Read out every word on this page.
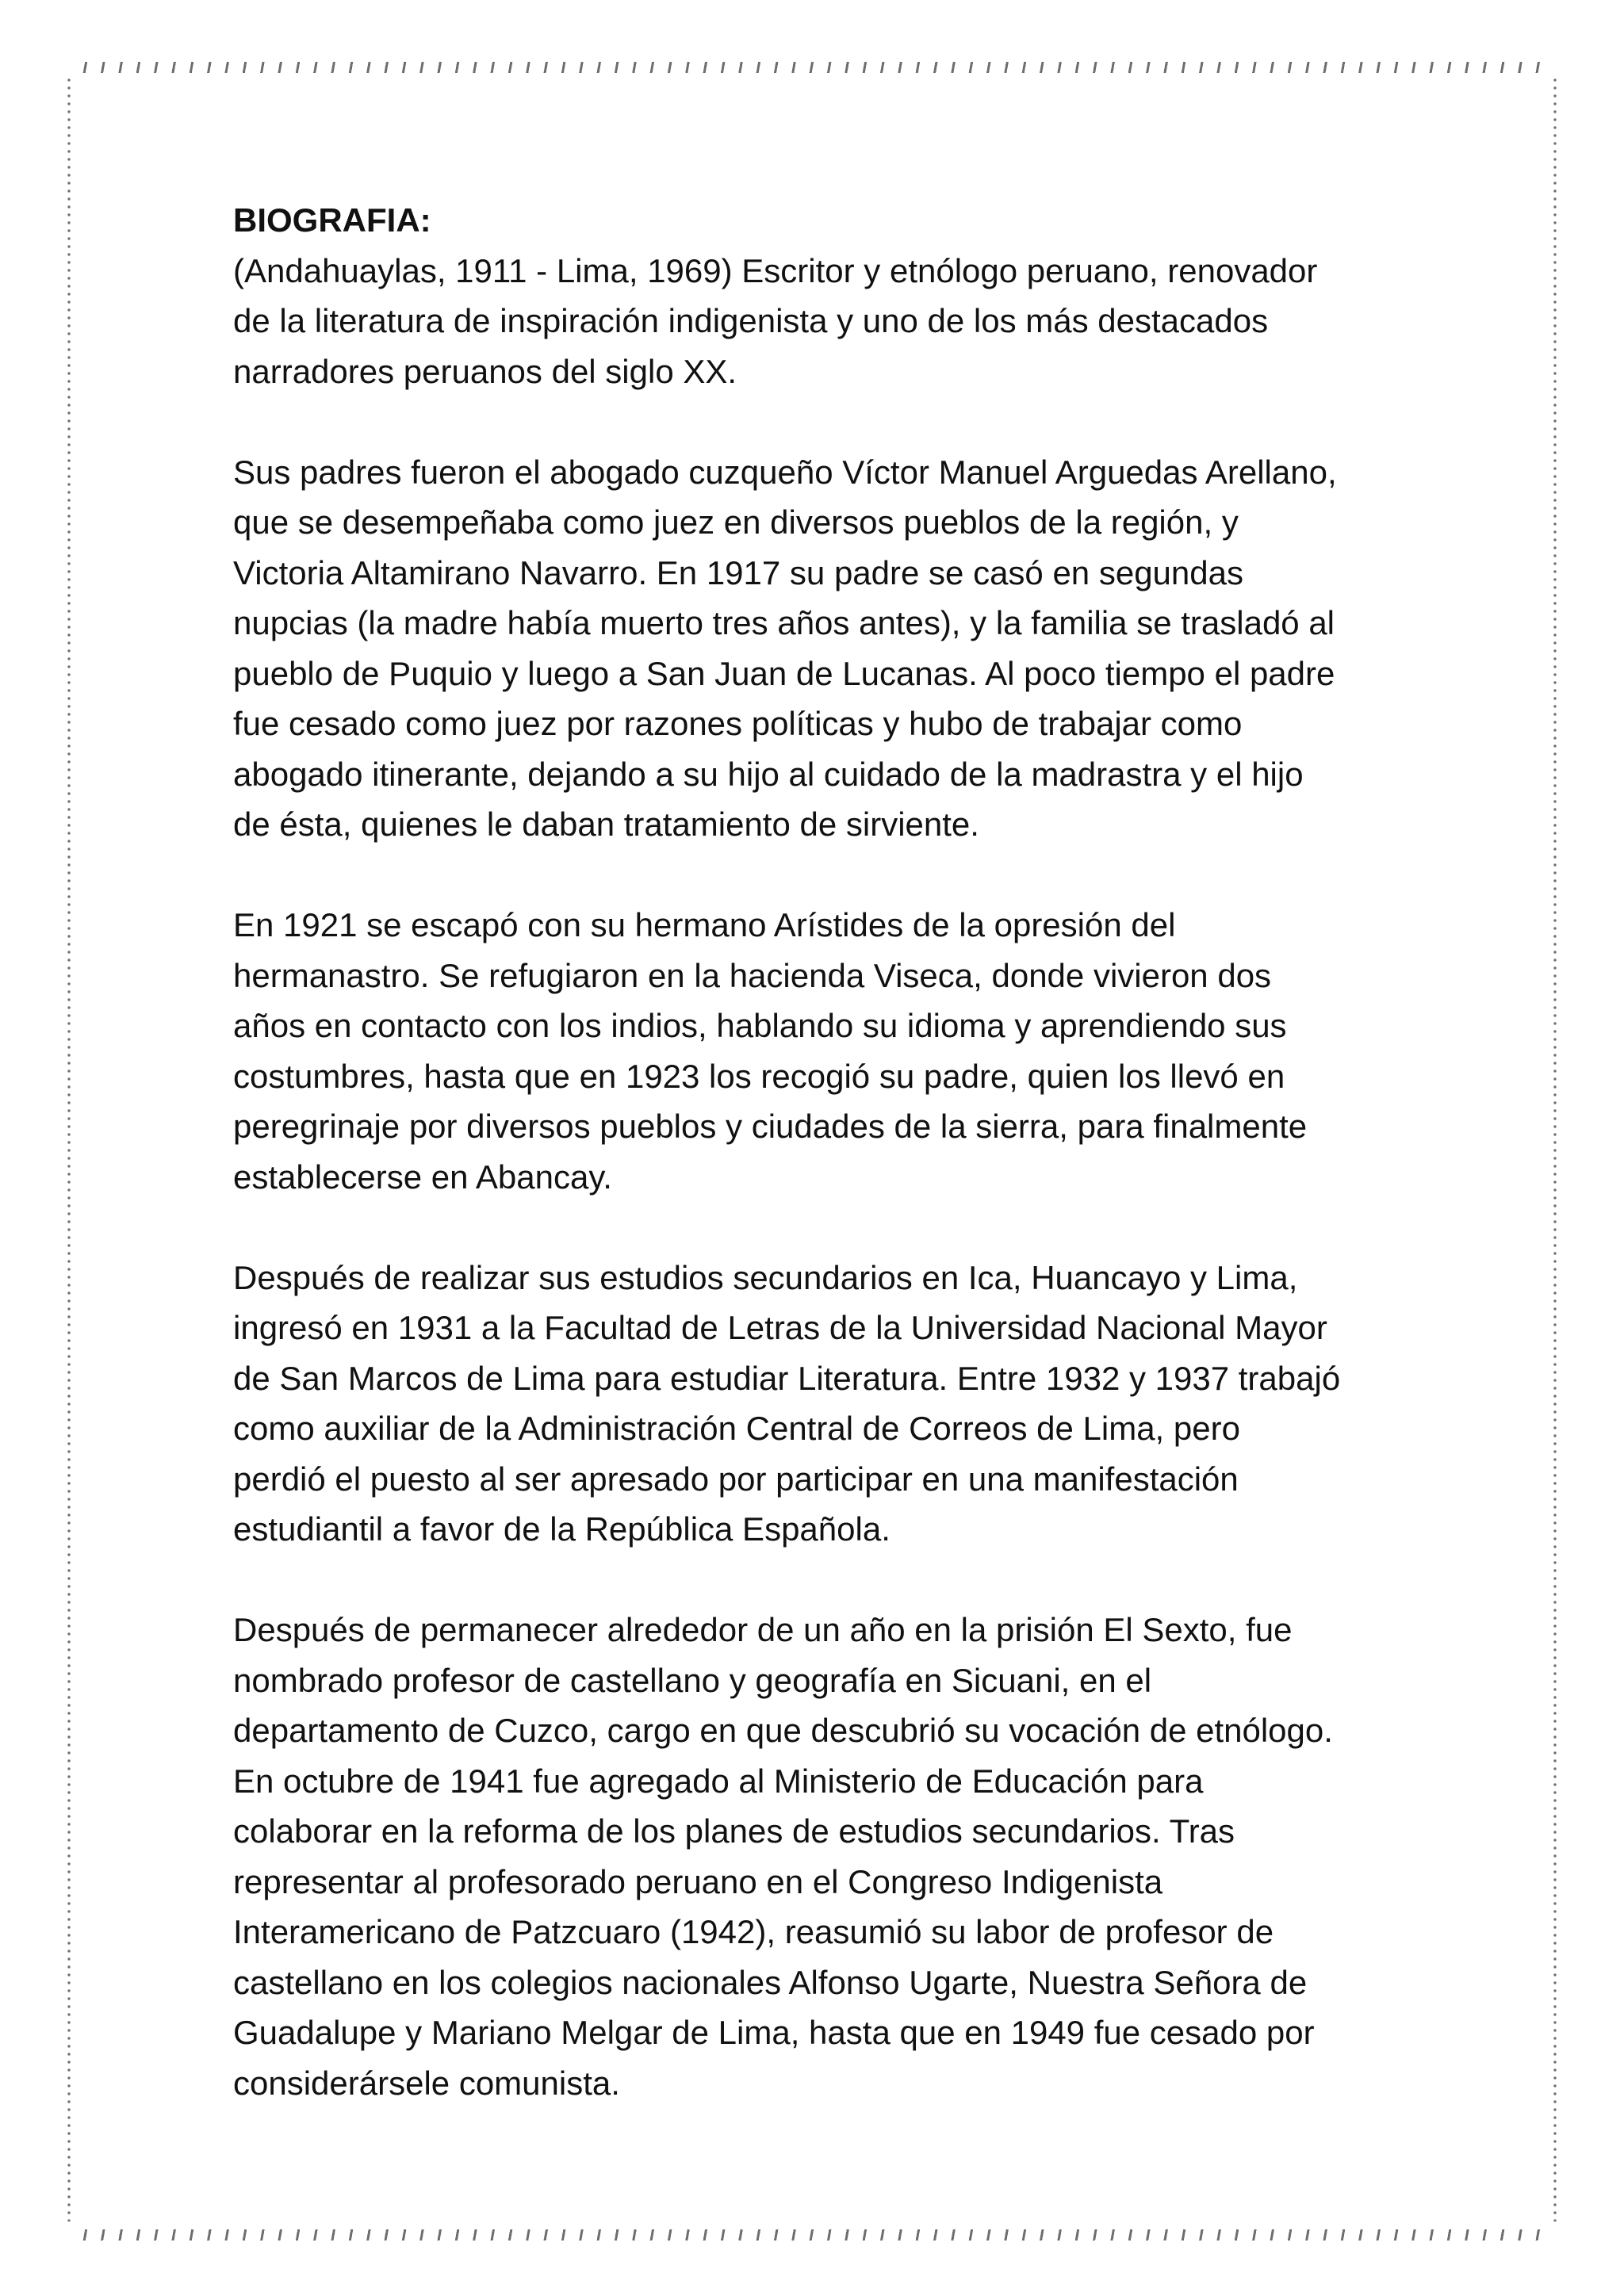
BIOGRAFIA:

(Andahuaylas, 1911 - Lima, 1969) Escritor y etnólogo peruano, renovador
de la literatura de inspiración indigenista y uno de los más destacados
narradores peruanos del siglo XX.

Sus padres fueron el abogado cuzqueño Víctor Manuel Arguedas Arellano,
que se desempeñaba como juez en diversos pueblos de la región, y
Victoria Altamirano Navarro. En 1917 su padre se casó en segundas
nupcias (la madre había muerto tres años antes), y la familia se trasladó al
pueblo de Puquio y luego a San Juan de Lucanas. Al poco tiempo el padre
fue cesado como juez por razones políticas y hubo de trabajar como
abogado itinerante, dejando a su hijo al cuidado de la madrastra y el hijo
de ésta, quienes le daban tratamiento de sirviente.

En 1921 se escapó con su hermano Arístides de la opresión del
hermanastro. Se refugiaron en la hacienda Viseca, donde vivieron dos
años en contacto con los indios, hablando su idioma y aprendiendo sus
costumbres, hasta que en 1923 los recogió su padre, quien los llevó en
peregrinaje por diversos pueblos y ciudades de la sierra, para finalmente
establecerse en Abancay.

Después de realizar sus estudios secundarios en Ica, Huancayo y Lima,
ingresó en 1931 a la Facultad de Letras de la Universidad Nacional Mayor
de San Marcos de Lima para estudiar Literatura. Entre 1932 y 1937 trabajó
como auxiliar de la Administración Central de Correos de Lima, pero
perdió el puesto al ser apresado por participar en una manifestación
estudiantil a favor de la República Española.

Después de permanecer alrededor de un año en la prisión El Sexto, fue
nombrado profesor de castellano y geografía en Sicuani, en el
departamento de Cuzco, cargo en que descubrió su vocación de etnólogo.
En octubre de 1941 fue agregado al Ministerio de Educación para
colaborar en la reforma de los planes de estudios secundarios. Tras
representar al profesorado peruano en el Congreso Indigenista
Interamericano de Patzcuaro (1942), reasumió su labor de profesor de
castellano en los colegios nacionales Alfonso Ugarte, Nuestra Señora de
Guadalupe y Mariano Melgar de Lima, hasta que en 1949 fue cesado por
considerársele comunista.
